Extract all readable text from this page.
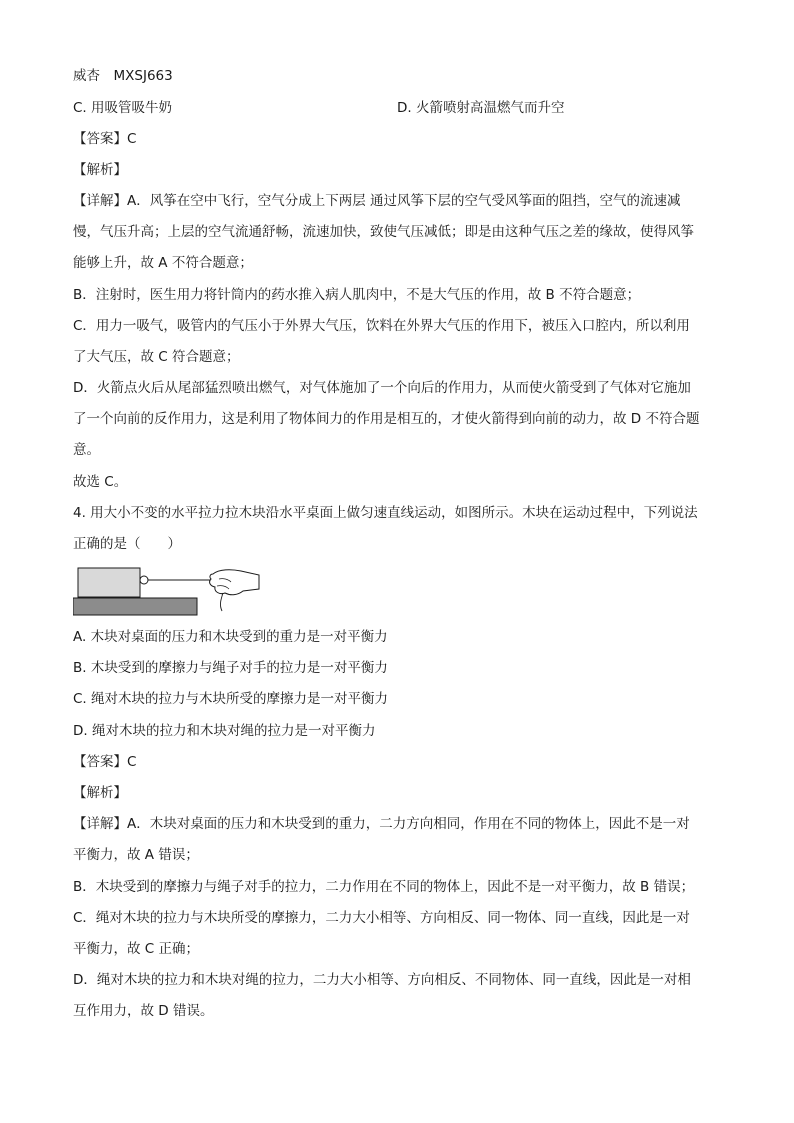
威杏　MXSJ663
C. 用吸管吸牛奶	D. 火箭喷射高温燃气而升空
【答案】C
【解析】
【详解】A．风筝在空中飞行，空气分成上下两层 通过风筝下层的空气受风筝面的阻挡，空气的流速减
慢，气压升高；上层的空气流通舒畅，流速加快，致使气压减低；即是由这种气压之差的缘故，使得风筝
能够上升，故 A 不符合题意；
B．注射时，医生用力将针筒内的药水推入病人肌肉中，不是大气压的作用，故 B 不符合题意；
C．用力一吸气，吸管内的气压小于外界大气压，饮料在外界大气压的作用下，被压入口腔内，所以利用
了大气压，故 C 符合题意；
D．火箭点火后从尾部猛烈喷出燃气，对气体施加了一个向后的作用力，从而使火箭受到了气体对它施加
了一个向前的反作用力，这是利用了物体间力的作用是相互的，才使火箭得到向前的动力，故 D 不符合题
意。
故选 C。
4. 用大小不变的水平拉力拉木块沿水平桌面上做匀速直线运动，如图所示。木块在运动过程中，下列说法
正确的是（　　）
A. 木块对桌面的压力和木块受到的重力是一对平衡力
B. 木块受到的摩擦力与绳子对手的拉力是一对平衡力
C. 绳对木块的拉力与木块所受的摩擦力是一对平衡力
D. 绳对木块的拉力和木块对绳的拉力是一对平衡力
【答案】C
【解析】
【详解】A．木块对桌面的压力和木块受到的重力，二力方向相同，作用在不同的物体上，因此不是一对
平衡力，故 A 错误；
B．木块受到的摩擦力与绳子对手的拉力，二力作用在不同的物体上，因此不是一对平衡力，故 B 错误；
C．绳对木块的拉力与木块所受的摩擦力，二力大小相等、方向相反、同一物体、同一直线，因此是一对
平衡力，故 C 正确；
D．绳对木块的拉力和木块对绳的拉力，二力大小相等、方向相反、不同物体、同一直线，因此是一对相
互作用力，故 D 错误。
